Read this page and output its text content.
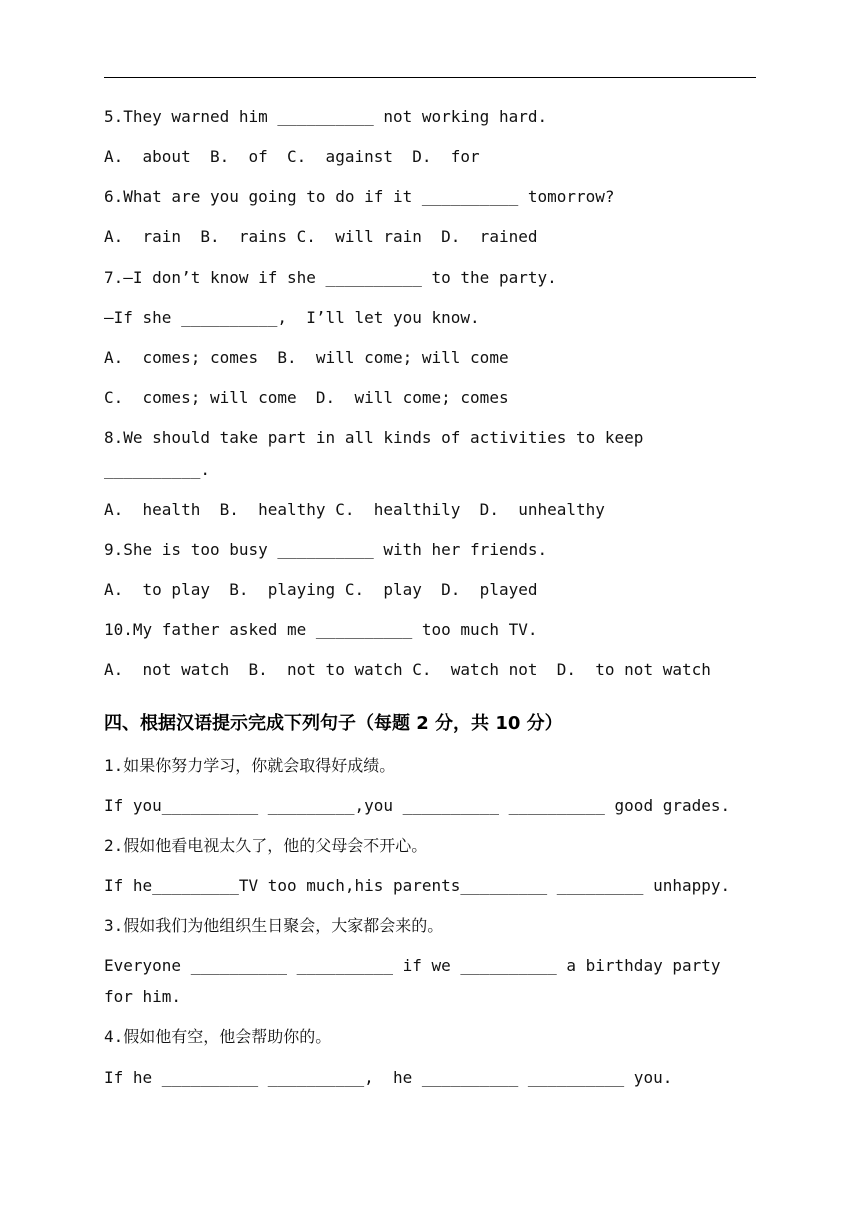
5.They warned him __________ not working hard.
A.  about  B.  of  C.  against  D.  for
6.What are you going to do if it __________ tomorrow?
A.  rain  B.  rains C.  will rain  D.  rained
7.—I don’t know if she __________ to the party.
—If she __________,  I’ll let you know.
A.  comes; comes  B.  will come; will come
C.  comes; will come  D.  will come; comes
8.We should take part in all kinds of activities to keep
__________.
A.  health  B.  healthy C.  healthily  D.  unhealthy
9.She is too busy __________ with her friends.
A.  to play  B.  playing C.  play  D.  played
10.My father asked me __________ too much TV.
A.  not watch  B.  not to watch C.  watch not  D.  to not watch
四、根据汉语提示完成下列句子（每题 2 分，共 10 分）
1.如果你努力学习，你就会取得好成绩。
If you__________ _________,you __________ __________ good grades.
2.假如他看电视太久了，他的父母会不开心。
If he_________TV too much,his parents_________ _________ unhappy.
3.假如我们为他组织生日聚会，大家都会来的。
Everyone __________ __________ if we __________ a birthday party
for him.
4.假如他有空，他会帮助你的。
If he __________ __________,  he __________ __________ you.
